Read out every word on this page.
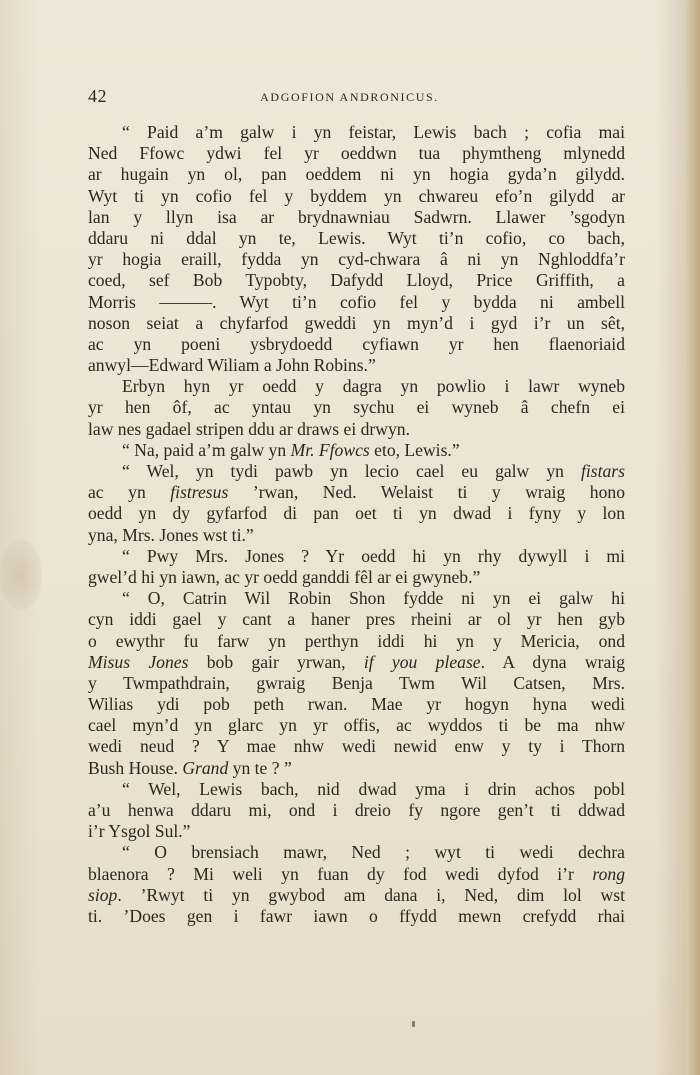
42	ADGOFION ANDRONICUS.
“ Paid a’m galw i yn feistar, Lewis bach ; cofia mai
Ned Ffowc ydwi fel yr oeddwn tua phymtheng mlynedd
ar hugain yn ol, pan oeddem ni yn hogia gyda’n gilydd.
Wyt ti yn cofio fel y byddem yn chwareu efo’n gilydd ar
lan y llyn isa ar brydnawniau Sadwrn. Llawer ’sgodyn
ddaru ni ddal yn te, Lewis. Wyt ti’n cofio, co bach,
yr hogia eraill, fydda yn cyd-chwara â ni yn Nghloddfa’r
coed, sef Bob Typobty, Dafydd Lloyd, Price Griffith, a
Morris ———. Wyt ti’n cofio fel y bydda ni ambell
noson seiat a chyfarfod gweddi yn myn’d i gyd i’r un sêt,
ac yn poeni ysbrydoedd cyfiawn yr hen flaenoriaid
anwyl—Edward Wiliam a John Robins.”
Erbyn hyn yr oedd y dagra yn powlio i lawr wyneb
yr hen ôf, ac yntau yn sychu ei wyneb â chefn ei
law nes gadael stripen ddu ar draws ei drwyn.
“ Na, paid a’m galw yn Mr. Ffowcs eto, Lewis.”
“ Wel, yn tydi pawb yn lecio cael eu galw yn fistars
ac yn fistresus ’rwan, Ned. Welaist ti y wraig hono
oedd yn dy gyfarfod di pan oet ti yn dwad i fyny y lon
yna, Mrs. Jones wst ti.”
“ Pwy Mrs. Jones ? Yr oedd hi yn rhy dywyll i mi
gwel’d hi yn iawn, ac yr oedd ganddi fêl ar ei gwyneb.”
“ O, Catrin Wil Robin Shon fydde ni yn ei galw hi
cyn iddi gael y cant a haner pres rheini ar ol yr hen gyb
o ewythr fu farw yn perthyn iddi hi yn y Mericia, ond
Misus Jones bob gair yrwan, if you please. A dyna wraig
y Twmpathdrain, gwraig Benja Twm Wil Catsen, Mrs.
Wilias ydi pob peth rwan. Mae yr hogyn hyna wedi
cael myn’d yn glarc yn yr offis, ac wyddos ti be ma nhw
wedi neud ? Y mae nhw wedi newid enw y ty i Thorn
Bush House. Grand yn te ? ”
“ Wel, Lewis bach, nid dwad yma i drin achos pobl
a’u henwa ddaru mi, ond i dreio fy ngore gen’t ti ddwad
i’r Ysgol Sul.”
“ O brensiach mawr, Ned ; wyt ti wedi dechra
blaenora ? Mi weli yn fuan dy fod wedi dyfod i’r rong
siop. ’Rwyt ti yn gwybod am dana i, Ned, dim lol wst
ti. ’Does gen i fawr iawn o ffydd mewn crefydd rhai
